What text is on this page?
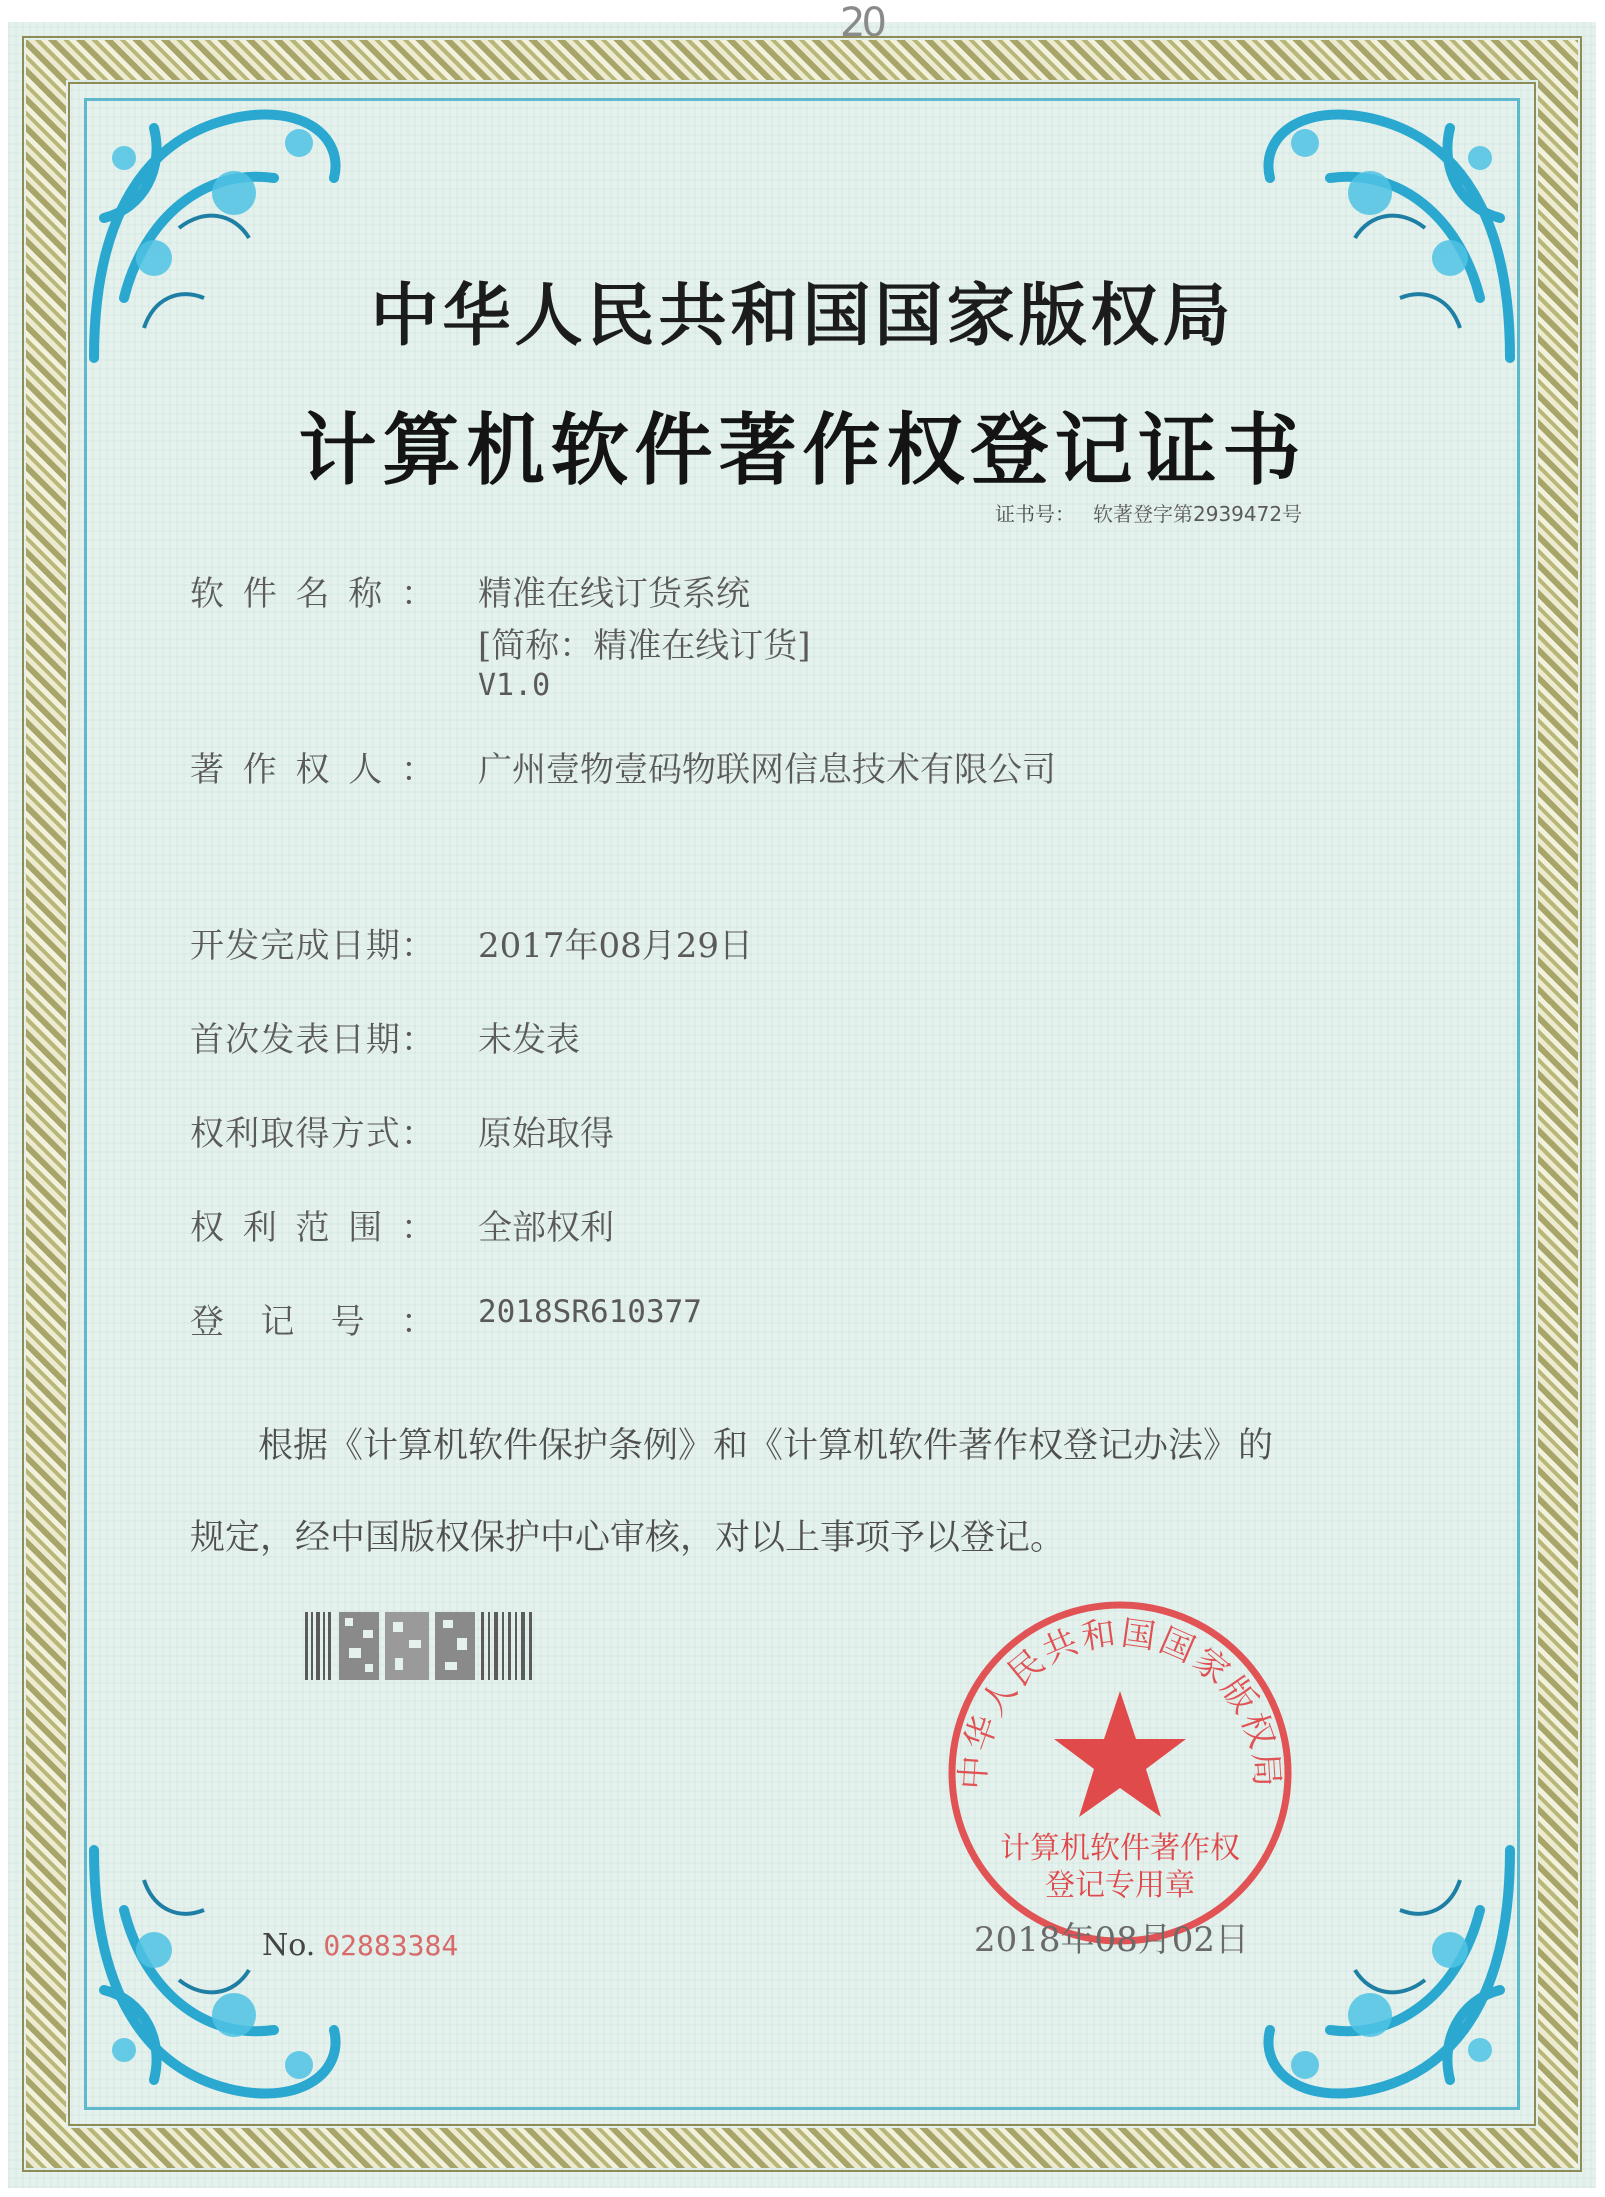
20
中华人民共和国国家版权局
计算机软件著作权登记证书
证书号： 软著登字第2939472号
软件名称： 精准在线订货系统
[简称：精准在线订货]
V1.0
著作权人： 广州壹物壹码物联网信息技术有限公司
开发完成日期： 2017年08月29日
首次发表日期： 未发表
权利取得方式： 原始取得
权利范围： 全部权利
登记号： 2018SR610377
根据《计算机软件保护条例》和《计算机软件著作权登记办法》的
规定，经中国版权保护中心审核，对以上事项予以登记。
中华人民共和国国家版权局
计算机软件著作权
登记专用章
No. 02883384	2018年08月02日
